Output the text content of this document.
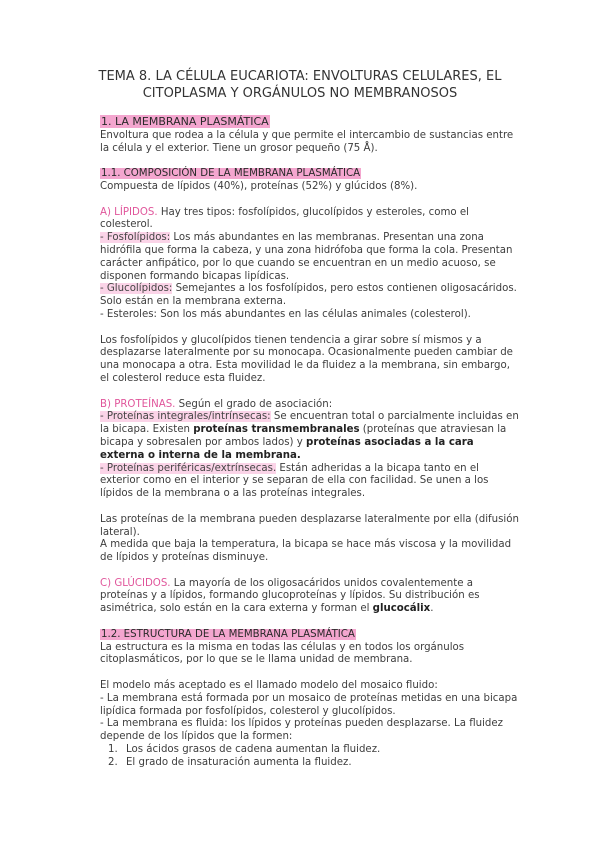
TEMA 8. LA CÉLULA EUCARIOTA: ENVOLTURAS CELULARES, EL
CITOPLASMA Y ORGÁNULOS NO MEMBRANOSOS

1. LA MEMBRANA PLASMÁTICA

Envoltura que rodea a la célula y que permite el intercambio de sustancias entre la célula y el exterior. Tiene un grosor pequeño (75 Å).

1.1. COMPOSICIÓN DE LA MEMBRANA PLASMÁTICA

Compuesta de lípidos (40%), proteínas (52%) y glúcidos (8%).

A) LÍPIDOS. Hay tres tipos: fosfolípidos, glucolípidos y esteroles, como el colesterol.

- Fosfolípidos: Los más abundantes en las membranas. Presentan una zona hidrófila que forma la cabeza, y una zona hidrófoba que forma la cola. Presentan carácter anfipático, por lo que cuando se encuentran en un medio acuoso, se disponen formando bicapas lipídicas.

- Glucolípidos: Semejantes a los fosfolípidos, pero estos contienen oligosacáridos. Solo están en la membrana externa.

- Esteroles: Son los más abundantes en las células animales (colesterol).

Los fosfolípidos y glucolípidos tienen tendencia a girar sobre sí mismos y a desplazarse lateralmente por su monocapa. Ocasionalmente pueden cambiar de una monocapa a otra. Esta movilidad le da fluidez a la membrana, sin embargo, el colesterol reduce esta fluidez.

B) PROTEÍNAS. Según el grado de asociación:

- Proteínas integrales/intrínsecas: Se encuentran total o parcialmente incluidas en la bicapa. Existen proteínas transmembranales (proteínas que atraviesan la bicapa y sobresalen por ambos lados) y proteínas asociadas a la cara externa o interna de la membrana.

- Proteínas periféricas/extrínsecas. Están adheridas a la bicapa tanto en el exterior como en el interior y se separan de ella con facilidad. Se unen a los lípidos de la membrana o a las proteínas integrales.

Las proteínas de la membrana pueden desplazarse lateralmente por ella (difusión lateral).

A medida que baja la temperatura, la bicapa se hace más viscosa y la movilidad de lípidos y proteínas disminuye.

C) GLÚCIDOS. La mayoría de los oligosacáridos unidos covalentemente a proteínas y a lípidos, formando glucoproteínas y lípidos. Su distribución es asimétrica, solo están en la cara externa y forman el glucocálix.

1.2. ESTRUCTURA DE LA MEMBRANA PLASMÁTICA

La estructura es la misma en todas las células y en todos los orgánulos citoplasmáticos, por lo que se le llama unidad de membrana.

El modelo más aceptado es el llamado modelo del mosaico fluido:

- La membrana está formada por un mosaico de proteínas metidas en una bicapa lipídica formada por fosfolípidos, colesterol y glucolípidos.

- La membrana es fluida: los lípidos y proteínas pueden desplazarse. La fluidez depende de los lípidos que la formen:

1. Los ácidos grasos de cadena aumentan la fluidez.
2. El grado de insaturación aumenta la fluidez.
